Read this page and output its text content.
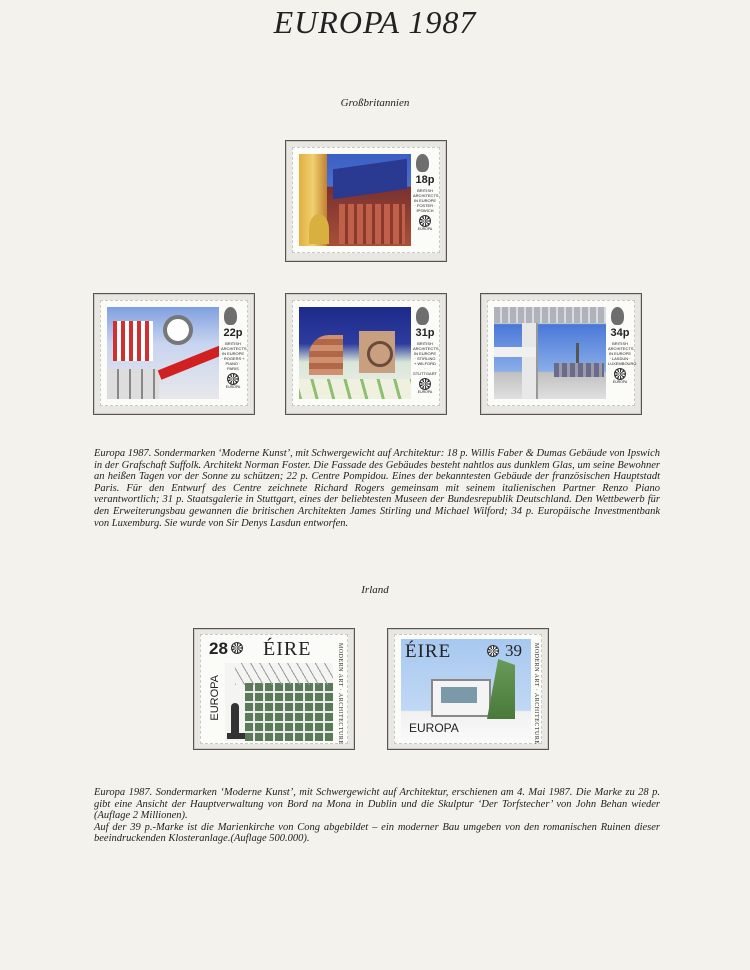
EUROPA 1987
Großbritannien
18p
BRITISH ARCHITECTS IN EUROPE · FOSTER · IPSWICH
EUROPA
22p
BRITISH ARCHITECTS IN EUROPE · ROGERS + PIANO · PARIS
EUROPA
31p
BRITISH ARCHITECTS IN EUROPE · STIRLING + WILFORD · STUTTGART
EUROPA
34p
BRITISH ARCHITECTS IN EUROPE · LASDUN · LUXEMBOURG
EUROPA
Europa 1987. Sondermarken ‘Moderne Kunst’, mit Schwergewicht auf Architektur: 18 p. Willis Faber & Dumas Gebäude von Ipswich in der Grafschaft Suffolk. Architekt Norman Foster. Die Fassade des Gebäudes besteht nahtlos aus dunklem Glas, um seine Bewohner an heißen Tagen vor der Sonne zu schützen; 22 p. Centre Pompidou. Eines der bekanntesten Gebäude der französischen Hauptstadt Paris. Für den Entwurf des Centre zeichnete Richard Rogers gemeinsam mit seinem italienischen Partner Renzo Piano verantwortlich; 31 p. Staatsgalerie in Stuttgart, eines der beliebtesten Museen der Bundesrepublik Deutschland. Den Wettbewerb für den Erweiterungsbau gewannen die britischen Architekten James Stirling und Michael Wilford; 34 p. Europäische Investmentbank von Luxemburg. Sie wurde von Sir Denys Lasdun entworfen.
Irland
28 ÉIRE
EUROPA	MODERN ART · ARCHITECTURE	ÉIRE	39
EUROPA	MODERN ART · ARCHITECTURE
Europa 1987. Sondermarken ‘Moderne Kunst’, mit Schwergewicht auf Architektur, erschienen am 4. Mai 1987. Die Marke zu 28 p. gibt eine Ansicht der Hauptverwaltung von Bord na Mona in Dublin und die Skulptur ‘Der Torfstecher’ von John Behan wieder (Auflage 2 Millionen).
Auf der 39 p.-Marke ist die Marienkirche von Cong abgebildet – ein moderner Bau umgeben von den romanischen Ruinen dieser beeindruckenden Klosteranlage.(Auflage 500.000).
